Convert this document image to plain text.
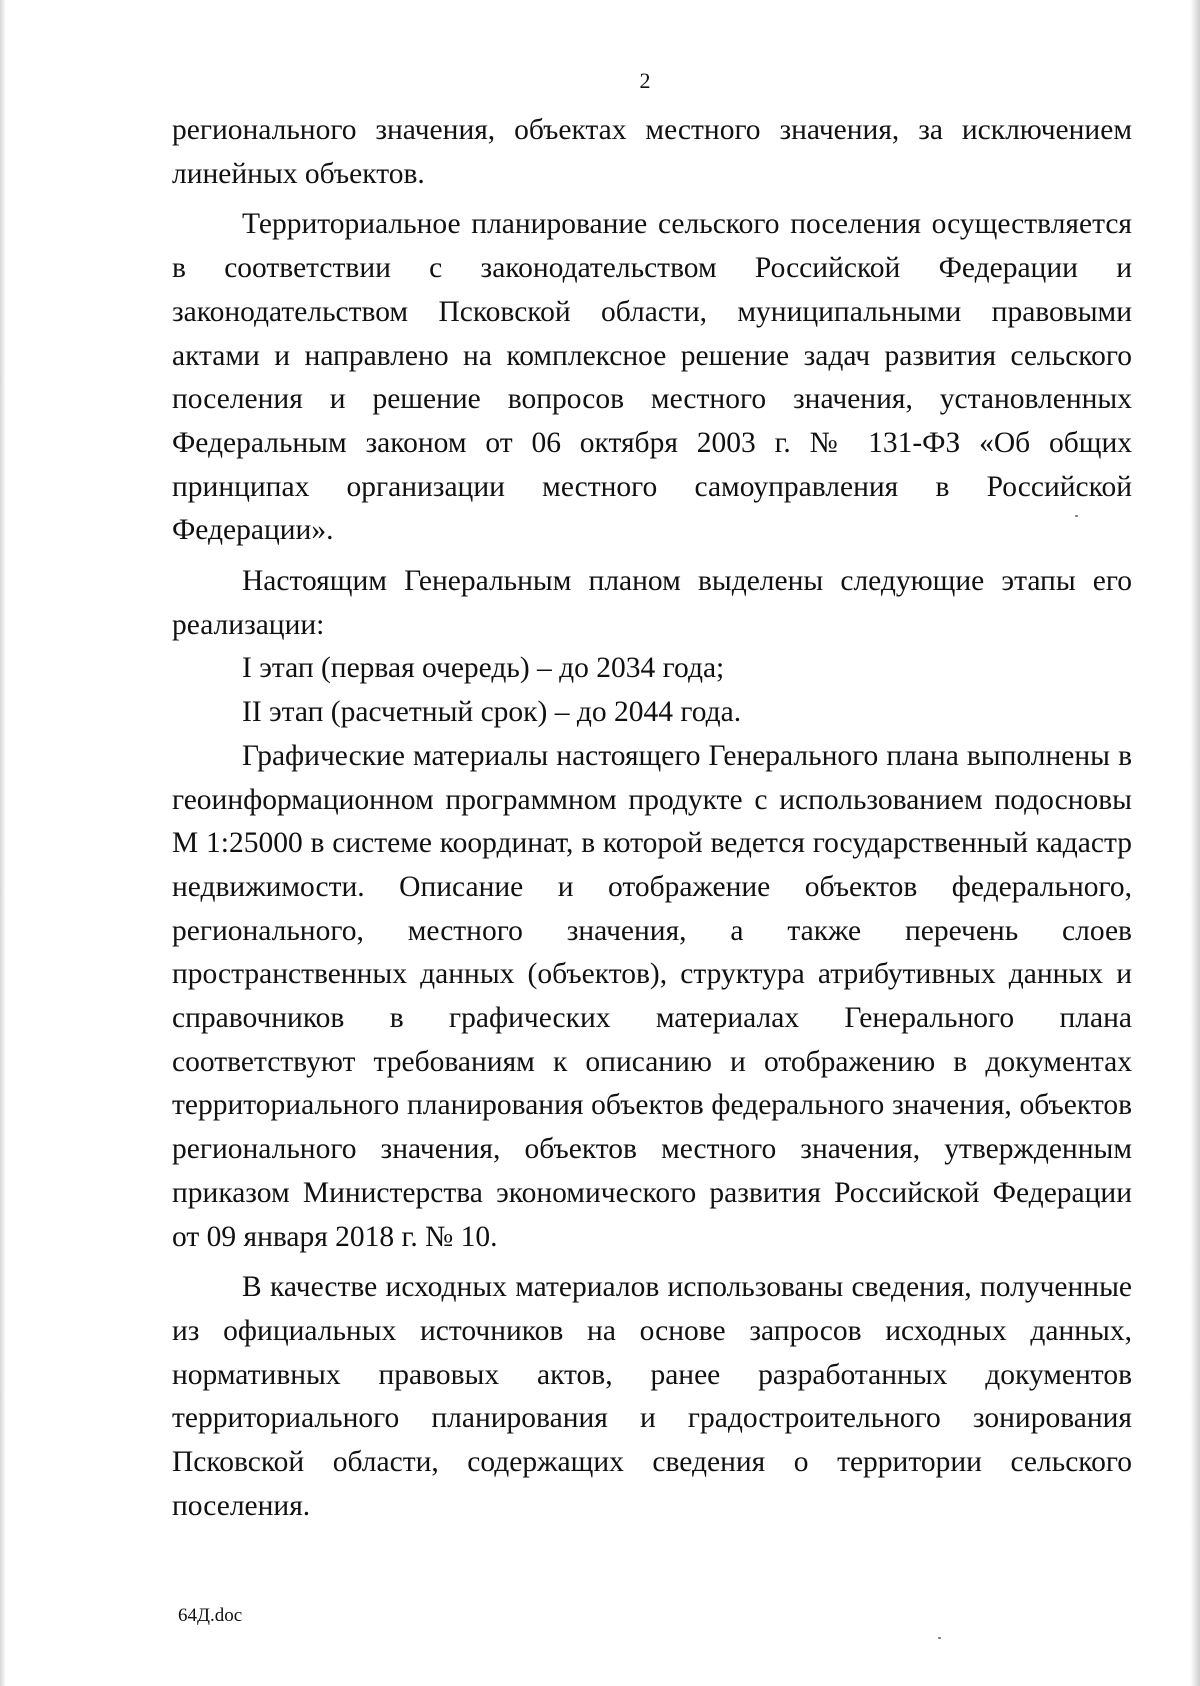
2

регионального значения, объектах местного значения, за исключением линейных объектов.

Территориальное планирование сельского поселения осуществляется в соответствии с законодательством Российской Федерации и законодательством Псковской области, муниципальными правовыми актами и направлено на комплексное решение задач развития сельского поселения и решение вопросов местного значения, установленных Федеральным законом от 06 октября 2003 г. № 131-ФЗ «Об общих принципах организации местного самоуправления в Российской Федерации».

Настоящим Генеральным планом выделены следующие этапы его реализации:

I этап (первая очередь) – до 2034 года;

II этап (расчетный срок) – до 2044 года.

Графические материалы настоящего Генерального плана выполнены в геоинформационном программном продукте с использованием подосновы М 1:25000 в системе координат, в которой ведется государственный кадастр недвижимости. Описание и отображение объектов федерального, регионального, местного значения, а также перечень слоев пространственных данных (объектов), структура атрибутивных данных и справочников в графических материалах Генерального плана соответствуют требованиям к описанию и отображению в документах территориального планирования объектов федерального значения, объектов регионального значения, объектов местного значения, утвержденным приказом Министерства экономического развития Российской Федерации от 09 января 2018 г. № 10.

В качестве исходных материалов использованы сведения, полученные из официальных источников на основе запросов исходных данных, нормативных правовых актов, ранее разработанных документов территориального планирования и градостроительного зонирования Псковской области, содержащих сведения о территории сельского поселения.

64Д.doc
